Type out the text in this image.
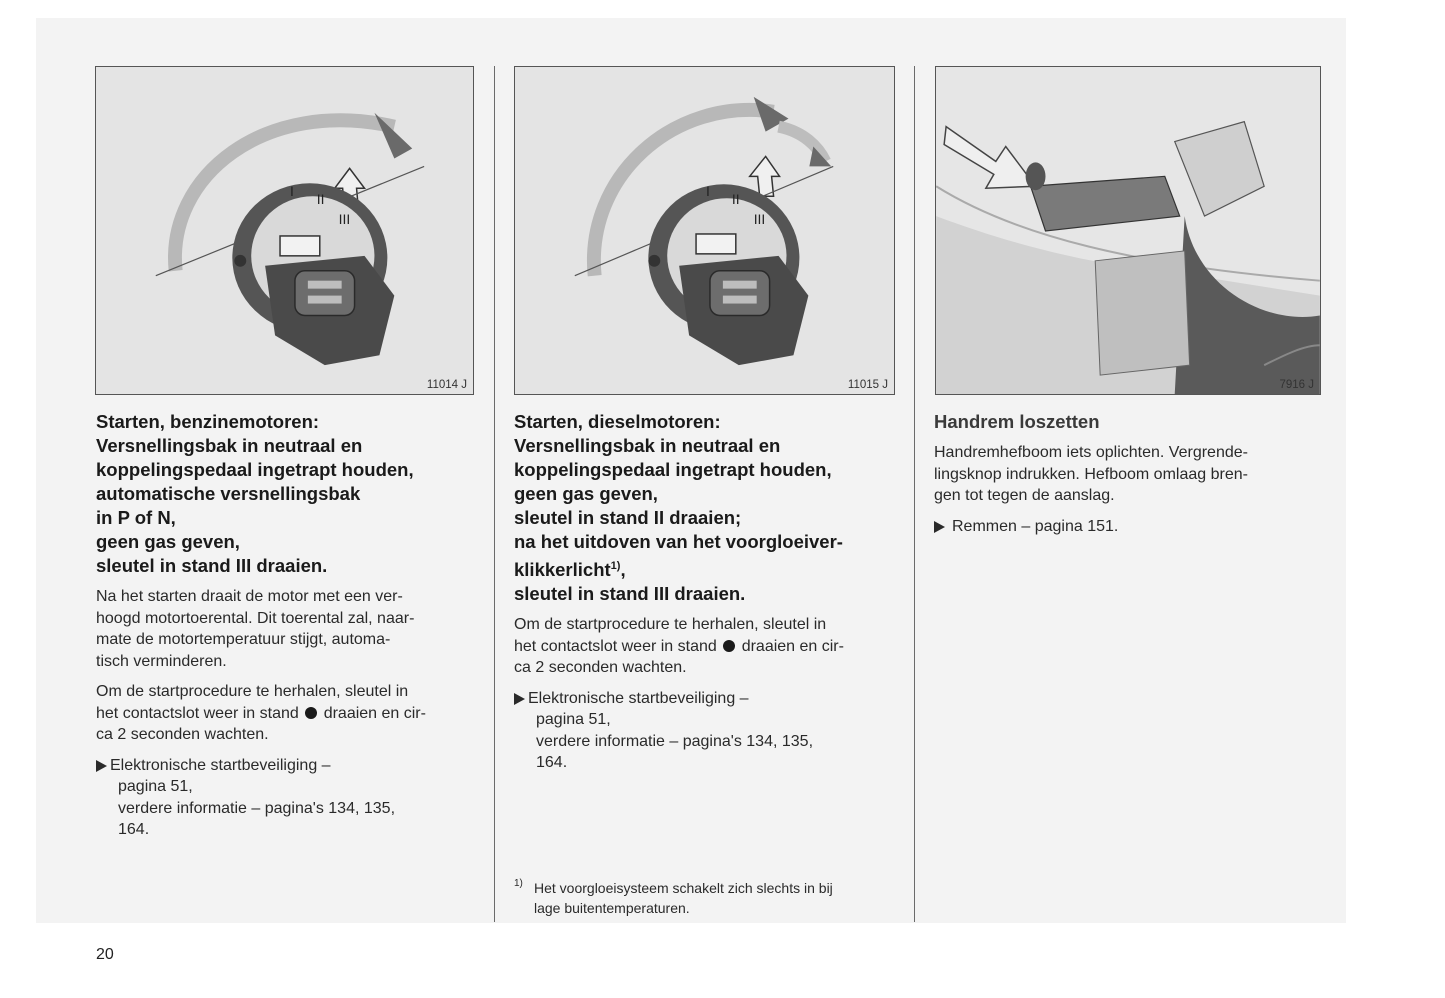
I II
III
11014 J
I II
III
11015 J	7916 J
Starten, benzinemotoren:
Versnellingsbak in neutraal en
koppelingspedaal ingetrapt houden,
automatische versnellingsbak
in P of N,
geen gas geven,
sleutel in stand III draaien.

Na het starten draait de motor met een ver-
hoogd motortoerental. Dit toerental zal, naar-
mate de motortemperatuur stijgt, automa-
tisch verminderen.

Om de startprocedure te herhalen, sleutel in
het contactslot weer in stand draaien en cir-
ca 2 seconden wachten.

Elektronische startbeveiliging –
pagina 51,
verdere informatie – pagina's 134, 135,
164.
Starten, dieselmotoren:
Versnellingsbak in neutraal en
koppelingspedaal ingetrapt houden,
geen gas geven,
sleutel in stand II draaien;
na het uitdoven van het voorgloeiver-
klikkerlicht$^{1)}$,
sleutel in stand III draaien.

Om de startprocedure te herhalen, sleutel in
het contactslot weer in stand draaien en cir-
ca 2 seconden wachten.

Elektronische startbeveiliging –
pagina 51,
verdere informatie – pagina's 134, 135,
164.
1) Het voorgloeisysteem schakelt zich slechts in bij
lage buitentemperaturen.
Handrem loszetten

Handremhefboom iets oplichten. Vergrende-
lingsknop indrukken. Hefboom omlaag bren-
gen tot tegen de aanslag.

Remmen – pagina 151.
20
